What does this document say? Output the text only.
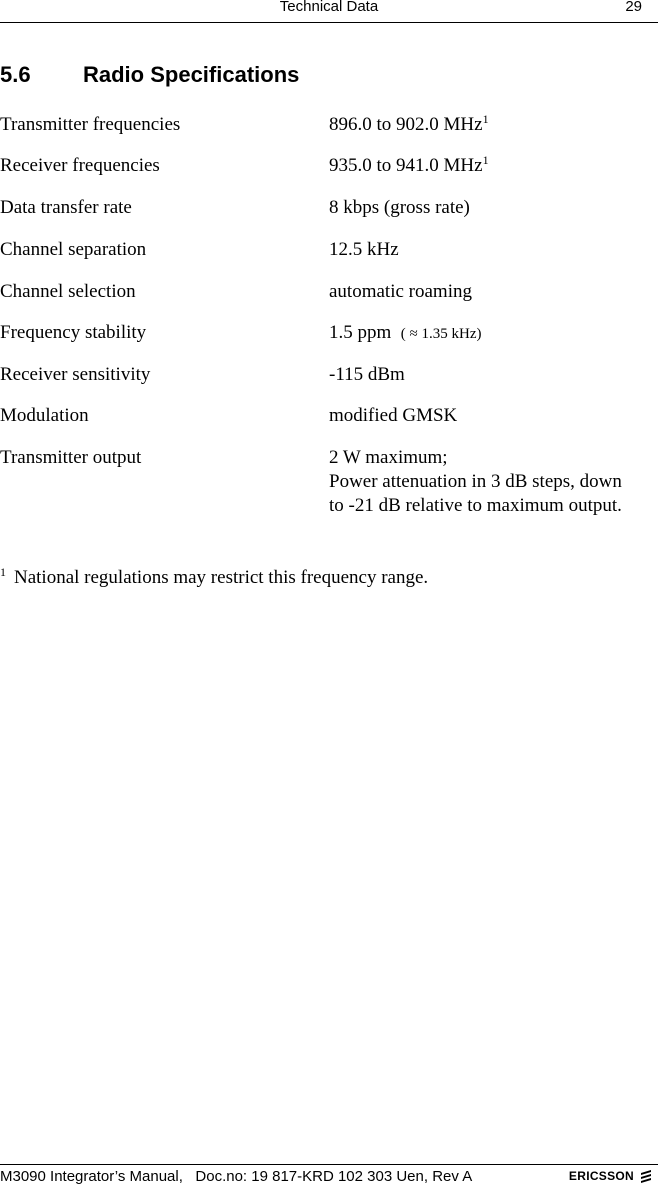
Technical Data	29
5.6 Radio Specifications
Transmitter frequencies	896.0 to 902.0 MHz$^1$
Receiver frequencies	935.0 to 941.0 MHz$^1$
Data transfer rate	8 kbps (gross rate)
Channel separation	12.5 kHz
Channel selection	automatic roaming
Frequency stability	1.5 ppm ( ≈ 1.35 kHz)
Receiver sensitivity	-115 dBm
Modulation	modified GMSK
Transmitter output	2 W maximum;
Power attenuation in 3 dB steps, down
to -21 dB relative to maximum output.
$^1$ National regulations may restrict this frequency range.
M3090 Integrator’s Manual,   Doc.no: 19 817-KRD 102 303 Uen, Rev A	ERICSSON
